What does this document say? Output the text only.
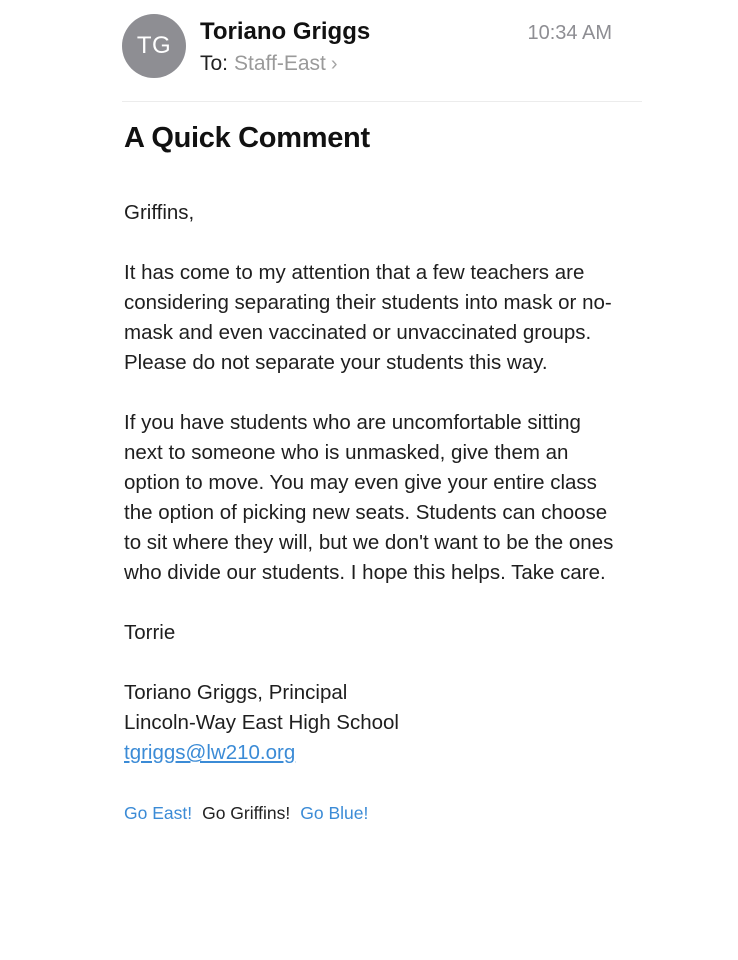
TG
Toriano Griggs
To: Staff-East ›
10:34 AM
A Quick Comment

Griffins,

It has come to my attention that a few teachers are considering separating their students into mask or no-mask and even vaccinated or unvaccinated groups. Please do not separate your students this way.

If you have students who are uncomfortable sitting next to someone who is unmasked, give them an option to move. You may even give your entire class the option of picking new seats. Students can choose to sit where they will, but we don't want to be the ones who divide our students. I hope this helps. Take care.

Torrie

Toriano Griggs, Principal
Lincoln-Way East High School
tgriggs@lw210.org
Go East! Go Griffins! Go Blue!
